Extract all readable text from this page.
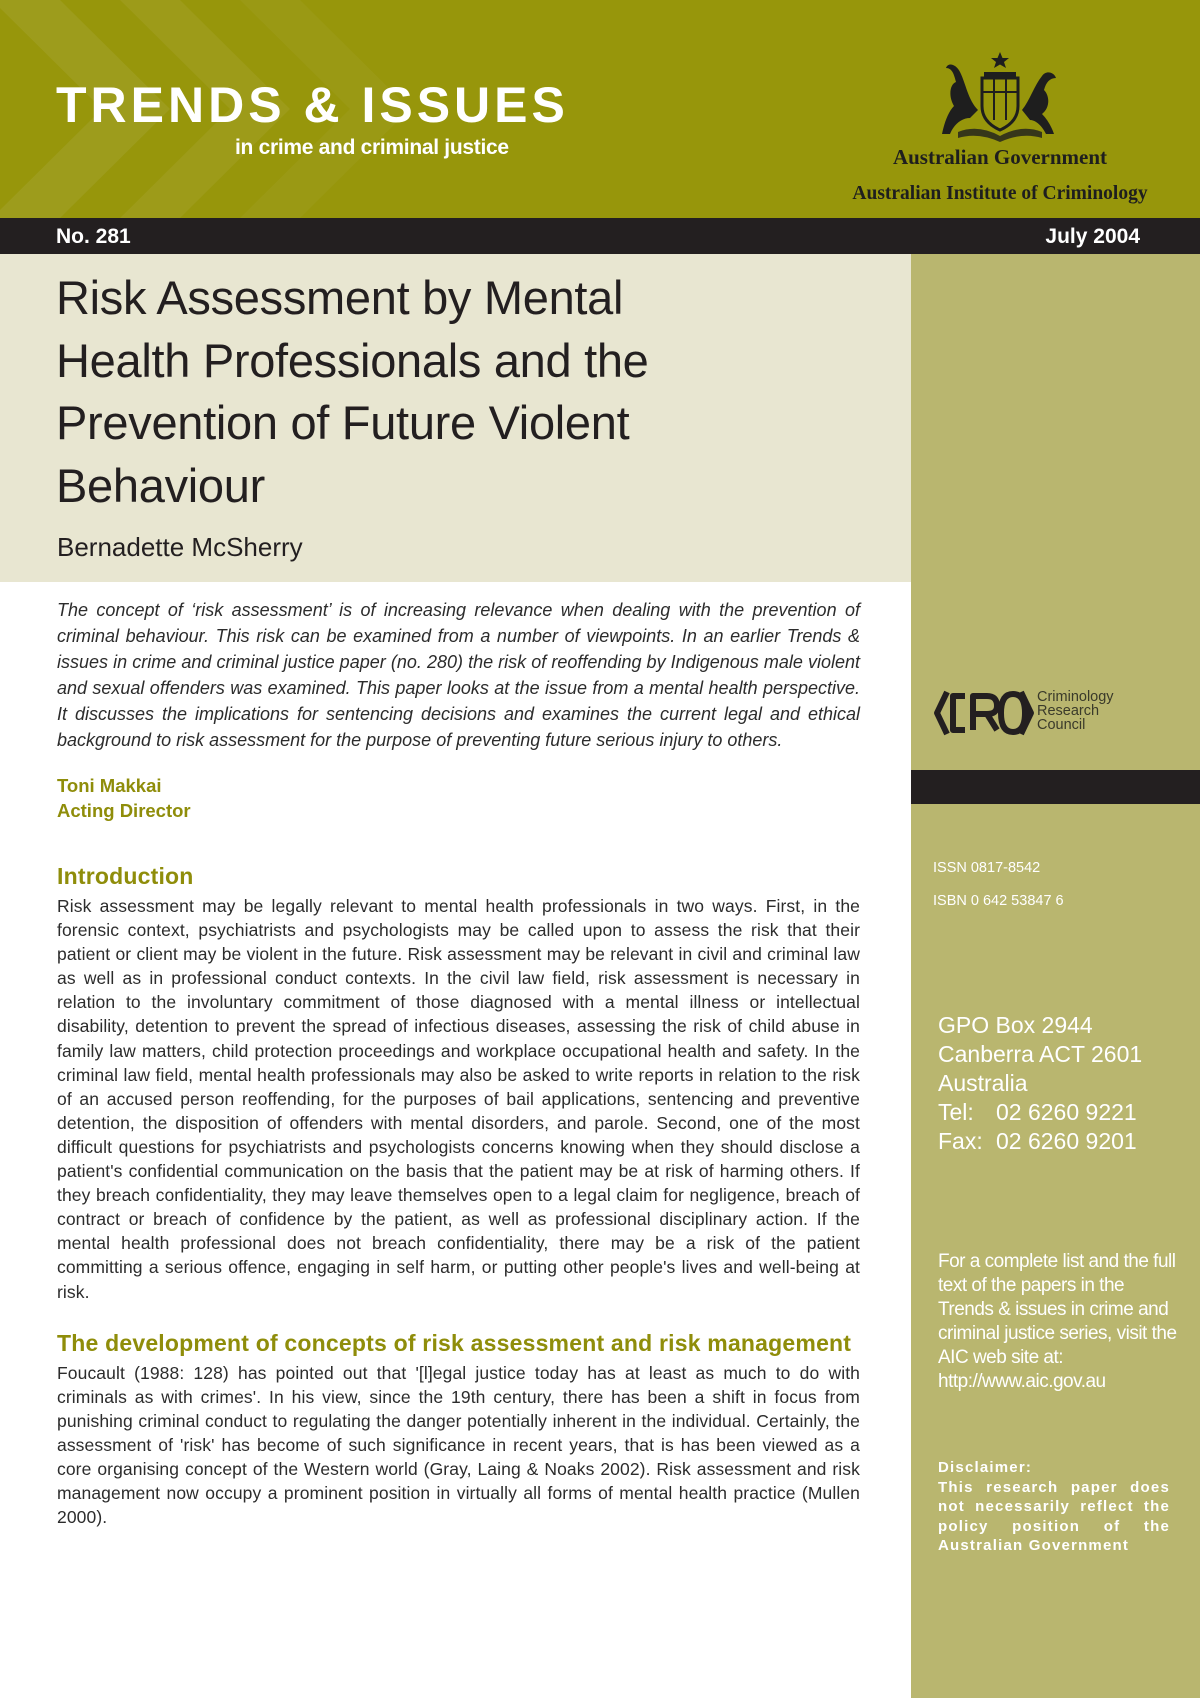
TRENDS & ISSUES
in crime and criminal justice	Australian Government
Australian Institute of Criminology
No. 281	July 2004
Criminology
Research
Council
ISSN 0817-8542
ISBN 0 642 53847 6
GPO Box 2944
Canberra ACT 2601
Australia
Tel: 02 6260 9221
Fax: 02 6260 9201
For a complete list and the full text of the papers in the Trends & issues in crime and criminal justice series, visit the AIC web site at: http://www.aic.gov.au
Disclaimer:
This research paper does not necessarily reflect the policy position of the Australian Government
Risk Assessment by Mental
Health Professionals and the
Prevention of Future Violent
Behaviour
Bernadette McSherry

The concept of ‘risk assessment’ is of increasing relevance when dealing with the prevention of criminal behaviour. This risk can be examined from a number of viewpoints. In an earlier Trends & issues in crime and criminal justice paper (no. 280) the risk of reoffending by Indigenous male violent and sexual offenders was examined. This paper looks at the issue from a mental health perspective. It discusses the implications for sentencing decisions and examines the current legal and ethical background to risk assessment for the purpose of preventing future serious injury to others.

Toni Makkai
Acting Director
Introduction

Risk assessment may be legally relevant to mental health professionals in two ways. First, in the forensic context, psychiatrists and psychologists may be called upon to assess the risk that their patient or client may be violent in the future. Risk assessment may be relevant in civil and criminal law as well as in professional conduct contexts. In the civil law field, risk assessment is necessary in relation to the involuntary commitment of those diagnosed with a mental illness or intellectual disability, detention to prevent the spread of infectious diseases, assessing the risk of child abuse in family law matters, child protection proceedings and workplace occupational health and safety. In the criminal law field, mental health professionals may also be asked to write reports in relation to the risk of an accused person reoffending, for the purposes of bail applications, sentencing and preventive detention, the disposition of offenders with mental disorders, and parole. Second, one of the most difficult questions for psychiatrists and psychologists concerns knowing when they should disclose a patient's confidential communication on the basis that the patient may be at risk of harming others. If they breach confidentiality, they may leave themselves open to a legal claim for negligence, breach of contract or breach of confidence by the patient, as well as professional disciplinary action. If the mental health professional does not breach confidentiality, there may be a risk of the patient committing a serious offence, engaging in self harm, or putting other people's lives and well-being at risk.

The development of concepts of risk assessment and risk management

Foucault (1988: 128) has pointed out that '[l]egal justice today has at least as much to do with criminals as with crimes'. In his view, since the 19th century, there has been a shift in focus from punishing criminal conduct to regulating the danger potentially inherent in the individual. Certainly, the assessment of 'risk' has become of such significance in recent years, that is has been viewed as a core organising concept of the Western world (Gray, Laing & Noaks 2002). Risk assessment and risk management now occupy a prominent position in virtually all forms of mental health practice (Mullen 2000).
